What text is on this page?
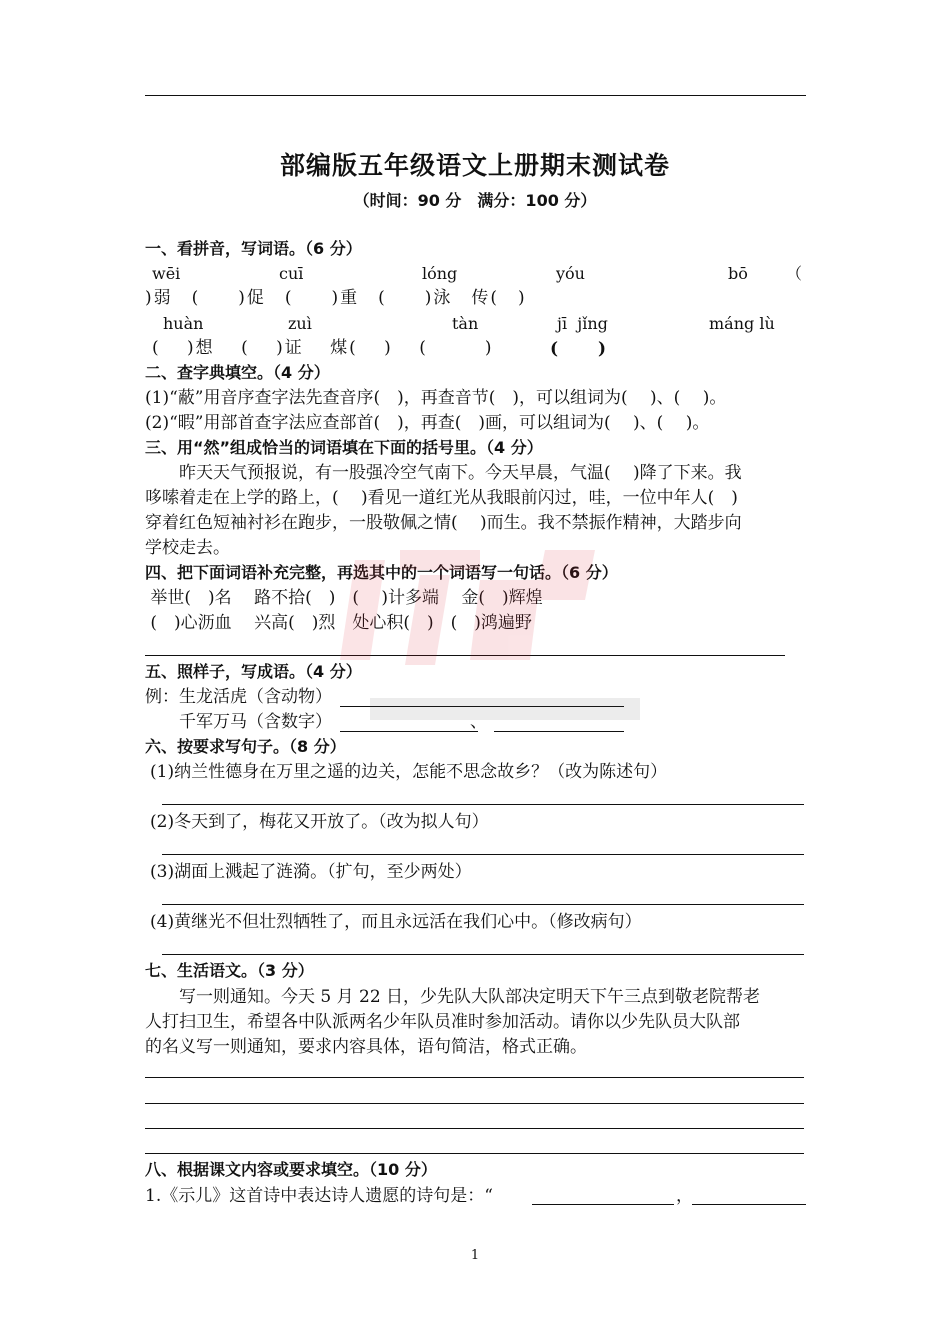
部编版五年级语文上册期末测试卷
（时间：90 分　满分：100 分）
一、看拼音，写词语。（6 分）
wēi	cuī	lóng	yóu	bō （
)弱　(　　)促　(　　)重　(　　)泳　传(　)
huàn	zuì	tàn	jī  jǐng	máng lù
(　 )想　 (　 )证　 煤(　 )　 (　　　)	(　　 )
二、查字典填空。（4 分）
(1)“蔽”用音序查字法先查音序(　)，再查音节(　)，可以组词为(　 )、(　 )。
(2)“暇”用部首查字法应查部首(　)，再查(　)画，可以组词为(　 )、(　 )。
三、用“然”组成恰当的词语填在下面的括号里。（4 分）
　　昨天天气预报说，有一股强冷空气南下。今天早晨，气温(　 )降了下来。我
哆嗦着走在上学的路上，(　 )看见一道红光从我眼前闪过，哇，一位中年人(　)
穿着红色短袖衬衫在跑步，一股敬佩之情(　 )而生。我不禁振作精神，大踏步向
学校走去。
四、把下面词语补充完整，再选其中的一个词语写一句话。（6 分）
举世(　)名　 路不拾(　)　(　 )计多端　 金(　)辉煌
(　)心沥血　 兴高(　)烈　处心积(　)　(　)鸿遍野
五、照样子，写成语。（4 分）
例：生龙活虎（含动物）
　　千军万马（含数字）	、
六、按要求写句子。（8 分）
(1)纳兰性德身在万里之遥的边关，怎能不思念故乡？（改为陈述句）
(2)冬天到了，梅花又开放了。（改为拟人句）
(3)湖面上溅起了涟漪。（扩句，至少两处）
(4)黄继光不但壮烈牺牲了，而且永远活在我们心中。（修改病句）
七、生活语文。（3 分）
　　写一则通知。今天 5 月 22 日，少先队大队部决定明天下午三点到敬老院帮老
人打扫卫生，希望各中队派两名少年队员准时参加活动。请你以少先队员大队部
的名义写一则通知，要求内容具体，语句简洁，格式正确。
八、根据课文内容或要求填空。（10 分）
1.《示儿》这首诗中表达诗人遗愿的诗句是：“	，
1
